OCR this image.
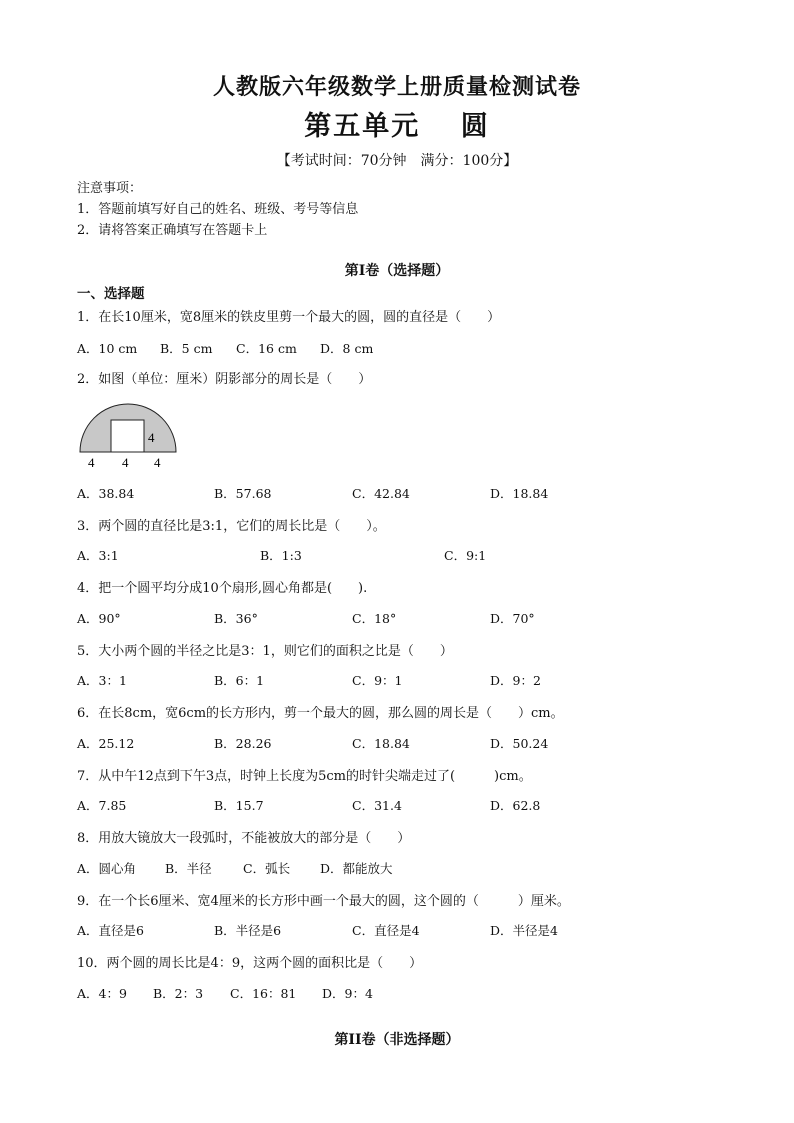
人教版六年级数学上册质量检测试卷
第五单元　 圆
【考试时间：70分钟　满分：100分】
注意事项：
1．答题前填写好自己的姓名、班级、考号等信息
2．请将答案正确填写在答题卡上
第I卷（选择题）
一、选择题
1．在长10厘米，宽8厘米的铁皮里剪一个最大的圆，圆的直径是（　　）
A．10 cm B．5 cm C．16 cm D．8 cm
2．如图（单位：厘米）阴影部分的周长是（　　）
4
4 4 4
A．38.84	B．57.68	C．42.84	D．18.84
3．两个圆的直径比是3:1，它们的周长比是（　　）。
A．3:1	B．1:3	C．9:1
4．把一个圆平均分成10个扇形,圆心角都是(　　).
A．90°	B．36°	C．18°	D．70°
5．大小两个圆的半径之比是3：1，则它们的面积之比是（　　）
A．3：1	B．6：1	C．9：1	D．9：2
6．在长8cm，宽6cm的长方形内，剪一个最大的圆，那么圆的周长是（　　）cm。
A．25.12	B．28.26	C．18.84	D．50.24
7．从中午12点到下午3点，时钟上长度为5cm的时针尖端走过了(　　　)cm。
A．7.85	B．15.7	C．31.4	D．62.8
8．用放大镜放大一段弧时，不能被放大的部分是（　　）
A．圆心角 B．半径	C．弧长 D．都能放大
9．在一个长6厘米、宽4厘米的长方形中画一个最大的圆，这个圆的（　　　）厘米。
A．直径是6	B．半径是6	C．直径是4	D．半径是4
10．两个圆的周长比是4：9，这两个圆的面积比是（　　）
A．4：9 B．2：3 C．16：81 D．9：4
第II卷（非选择题）
